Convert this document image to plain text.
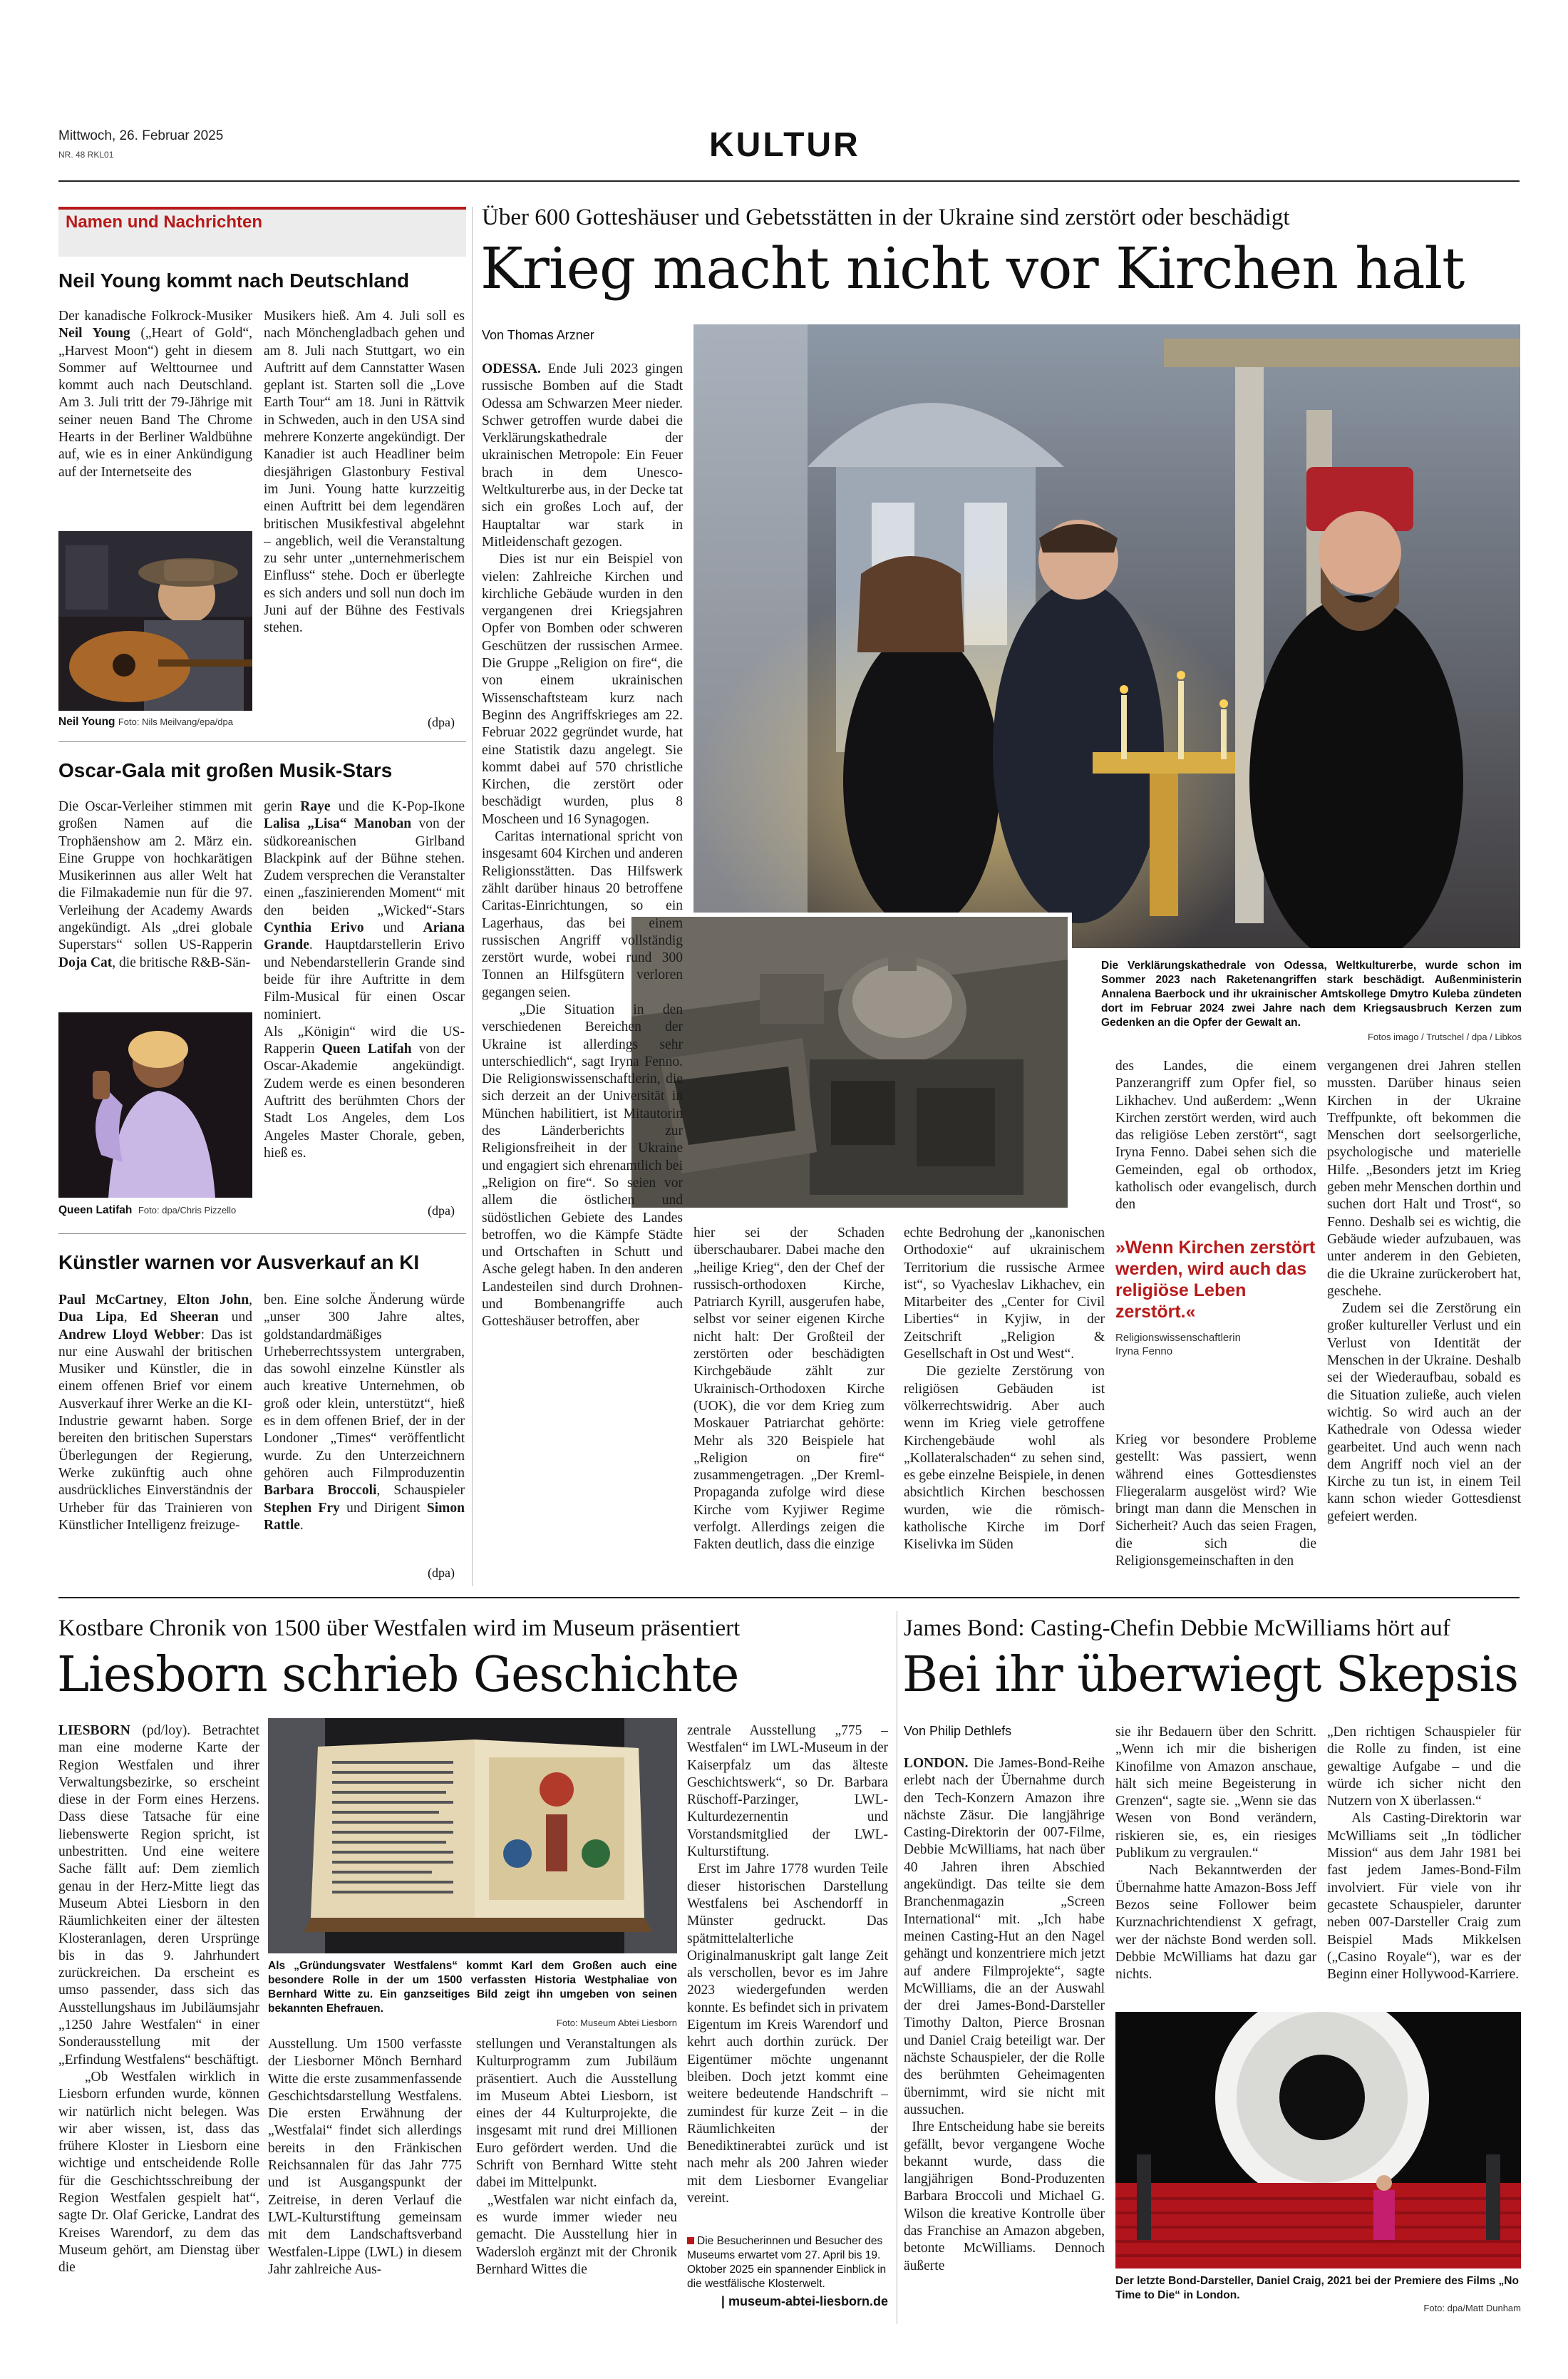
Mittwoch, 26. Februar 2025
NR. 48 RKL01	KULTUR
Namen und Nachrichten
Neil Young kommt nach Deutschland
Der kanadische Folkrock-Musiker Neil Young („Heart of Gold“, „Harvest Moon“) geht in diesem Sommer auf Welttournee und kommt auch nach Deutschland. Am 3. Juli tritt der 79-Jährige mit seiner neuen Band The Chrome Hearts in der Berliner Waldbühne auf, wie es in einer Ankündigung auf der Internetseite des
Musikers hieß. Am 4. Juli soll es nach Mönchengladbach gehen und am 8. Juli nach Stuttgart, wo ein Auftritt auf dem Cannstatter Wasen geplant ist. Starten soll die „Love Earth Tour“ am 18. Juni in Rättvik in Schweden, auch in den USA sind mehrere Konzerte angekündigt. Der Kanadier ist auch Headliner beim diesjährigen Glastonbury Festival im Juni. Young hatte kurzzeitig einen Auftritt bei dem legendären britischen Musikfestival abgelehnt – angeblich, weil die Veranstaltung zu sehr unter „unternehmerischem Einfluss“ stehe. Doch er überlegte es sich anders und soll nun doch im Juni auf der Bühne des Festivals stehen.
Neil Young Foto: Nils Meilvang/epa/dpa	(dpa)
Oscar-Gala mit großen Musik-Stars
Die Oscar-Verleiher stimmen mit großen Namen auf die Trophäenshow am 2. März ein. Eine Gruppe von hochkarätigen Musikerinnen aus aller Welt hat die Filmakademie nun für die 97. Verleihung der Academy Awards angekündigt. Als „drei globale Superstars“ sollen US-Rapperin Doja Cat, die britische R&B-Sän-
Queen Latifah Foto: dpa/Chris Pizzello
gerin Raye und die K-Pop-Ikone Lalisa „Lisa“ Manoban von der südkoreanischen Girlband Blackpink auf der Bühne stehen. Zudem versprechen die Veranstalter einen „faszinierenden Moment“ mit den beiden „Wicked“-Stars Cynthia Erivo und Ariana Grande. Hauptdarstellerin Erivo und Nebendarstellerin Grande sind beide für ihre Auftritte in dem Film-Musical für einen Oscar nominiert.
Als „Königin“ wird die US-Rapperin Queen Latifah von der Oscar-Akademie angekündigt. Zudem werde es einen besonderen Auftritt des berühmten Chors der Stadt Los Angeles, dem Los Angeles Master Chorale, geben, hieß es.
(dpa)
Künstler warnen vor Ausverkauf an KI
Paul McCartney, Elton John, Dua Lipa, Ed Sheeran und Andrew Lloyd Webber: Das ist nur eine Auswahl der britischen Musiker und Künstler, die in einem offenen Brief vor einem Ausverkauf ihrer Werke an die KI-Industrie gewarnt haben. Sorge bereiten den britischen Superstars Überlegungen der Regierung, Werke zukünftig auch ohne ausdrückliches Einverständnis der Urheber für das Trainieren von Künstlicher Intelligenz freizuge-
ben. Eine solche Änderung würde „unser 300 Jahre altes, goldstandardmäßiges Urheberrechtssystem untergraben, das sowohl einzelne Künstler als auch kreative Unternehmen, ob groß oder klein, unterstützt“, hieß es in dem offenen Brief, der in der Londoner „Times“ veröffentlicht wurde. Zu den Unterzeichnern gehören auch Filmproduzentin Barbara Broccoli, Schauspieler Stephen Fry und Dirigent Simon Rattle.
(dpa)
Über 600 Gotteshäuser und Gebetsstätten in der Ukraine sind zerstört oder beschädigt
Krieg macht nicht vor Kirchen halt
Von Thomas Arzner
ODESSA. Ende Juli 2023 gingen russische Bomben auf die Stadt Odessa am Schwarzen Meer nieder. Schwer getroffen wurde dabei die Verklärungskathedrale der ukrainischen Metropole: Ein Feuer brach in dem Unesco-Weltkulturerbe aus, in der Decke tat sich ein großes Loch auf, der Hauptaltar war stark in Mitleidenschaft gezogen.
Dies ist nur ein Beispiel von vielen: Zahlreiche Kirchen und kirchliche Gebäude wurden in den vergangenen drei Kriegsjahren Opfer von Bomben oder schweren Geschützen der russischen Armee. Die Gruppe „Religion on fire“, die von einem ukrainischen Wissenschaftsteam kurz nach Beginn des Angriffskrieges am 22. Februar 2022 gegründet wurde, hat eine Statistik dazu angelegt. Sie kommt dabei auf 570 christliche Kirchen, die zerstört oder beschädigt wurden, plus 8 Moscheen und 16 Synagogen.
Caritas international spricht von insgesamt 604 Kirchen und anderen Religionsstätten. Das Hilfswerk zählt darüber hinaus 20 betroffene Caritas-Einrichtungen, so ein Lagerhaus, das bei einem russischen Angriff vollständig zerstört wurde, wobei rund 300 Tonnen an Hilfsgütern verloren gegangen seien.
„Die Situation in den verschiedenen Bereichen der Ukraine ist allerdings sehr unterschiedlich“, sagt Iryna Fenno. Die Religionswissenschaftlerin, die sich derzeit an der Universität in München habilitiert, ist Mitautorin des Länderberichts zur Religionsfreiheit in der Ukraine und engagiert sich ehrenamtlich bei „Religion on fire“. So seien vor allem die östlichen und südöstlichen Gebiete des Landes betroffen, wo die Kämpfe Städte und Ortschaften in Schutt und Asche gelegt haben. In den anderen Landesteilen sind durch Drohnen- und Bombenangriffe auch Gotteshäuser betroffen, aber
hier sei der Schaden überschaubarer. Dabei mache den „heilige Krieg“, den der Chef der russisch-orthodoxen Kirche, Patriarch Kyrill, ausgerufen habe, selbst vor seiner eigenen Kirche nicht halt: Der Großteil der zerstörten oder beschädigten Kirchgebäude zählt zur Ukrainisch-Orthodoxen Kirche (UOK), die vor dem Krieg zum Moskauer Patriarchat gehörte: Mehr als 320 Beispiele hat „Religion on fire“ zusammengetragen. „Der Kreml-Propaganda zufolge wird diese Kirche vom Kyjiwer Regime verfolgt. Allerdings zeigen die Fakten deutlich, dass die einzige
echte Bedrohung der „kanonischen Orthodoxie“ auf ukrainischem Territorium die russische Armee ist“, so Vyacheslav Likhachev, ein Mitarbeiter des „Center for Civil Liberties“ in Kyjiw, in der Zeitschrift „Religion & Gesellschaft in Ost und West“.
Die gezielte Zerstörung von religiösen Gebäuden ist völkerrechtswidrig. Aber auch wenn im Krieg viele getroffene Kirchengebäude wohl als „Kollateralschaden“ zu sehen sind, es gebe einzelne Beispiele, in denen absichtlich Kirchen beschossen wurden, wie die römisch-katholische Kirche im Dorf Kiselivka im Süden
des Landes, die einem Panzerangriff zum Opfer fiel, so Likhachev. Und außerdem: „Wenn Kirchen zerstört werden, wird auch das religiöse Leben zerstört“, sagt Iryna Fenno. Dabei sehen sich die Gemeinden, egal ob orthodox, katholisch oder evangelisch, durch den
»Wenn Kirchen zerstört werden, wird auch das religiöse Leben zerstört.«
Religionswissenschaftlerin Iryna Fenno
Krieg vor besondere Probleme gestellt: Was passiert, wenn während eines Gottesdienstes Fliegeralarm ausgelöst wird? Wie bringt man dann die Menschen in Sicherheit? Auch das seien Fragen, die sich die Religionsgemeinschaften in den
vergangenen drei Jahren stellen mussten. Darüber hinaus seien Kirchen in der Ukraine Treffpunkte, oft bekommen die Menschen dort seelsorgerliche, psychologische und materielle Hilfe. „Besonders jetzt im Krieg geben mehr Menschen dorthin und suchen dort Halt und Trost“, so Fenno. Deshalb sei es wichtig, die Gebäude wieder aufzubauen, was unter anderem in den Gebieten, die die Ukraine zurückerobert hat, geschehe.
Zudem sei die Zerstörung ein großer kultureller Verlust und ein Verlust von Identität der Menschen in der Ukraine. Deshalb sei der Wiederaufbau, sobald es die Situation zuließe, auch vielen wichtig. So wird auch an der Kathedrale von Odessa wieder gearbeitet. Und auch wenn nach dem Angriff noch viel an der Kirche zu tun ist, in einem Teil kann schon wieder Gottesdienst gefeiert werden.
Die Verklärungskathedrale von Odessa, Weltkulturerbe, wurde schon im Sommer 2023 nach Raketenangriffen stark beschädigt. Außenministerin Annalena Baerbock und ihr ukrainischer Amtskollege Dmytro Kuleba zündeten dort im Februar 2024 zwei Jahre nach dem Kriegsausbruch Kerzen zum Gedenken an die Opfer der Gewalt an.
Fotos imago / Trutschel / dpa / Libkos
Kostbare Chronik von 1500 über Westfalen wird im Museum präsentiert
Liesborn schrieb Geschichte
Als „Gründungsvater Westfalens“ kommt Karl dem Großen auch eine besondere Rolle in der um 1500 verfassten Historia Westphaliae von Bernhard Witte zu. Ein ganzseitiges Bild zeigt ihn umgeben von seinen bekannten Ehefrauen.
Foto: Museum Abtei Liesborn
LIESBORN (pd/loy). Betrachtet man eine moderne Karte der Region Westfalen und ihrer Verwaltungsbezirke, so erscheint diese in der Form eines Herzens. Dass diese Tatsache für eine liebenswerte Region spricht, ist unbestritten. Und eine weitere Sache fällt auf: Dem ziemlich genau in der Herz-Mitte liegt das Museum Abtei Liesborn in den Räumlichkeiten einer der ältesten Klosteranlagen, deren Ursprünge bis in das 9. Jahrhundert zurückreichen. Da erscheint es umso passender, dass sich das Ausstellungshaus im Jubiläumsjahr „1250 Jahre Westfalen“ in einer Sonderausstellung mit der „Erfindung Westfalens“ beschäftigt.
„Ob Westfalen wirklich in Liesborn erfunden wurde, können wir natürlich nicht belegen. Was wir aber wissen, ist, dass das frühere Kloster in Liesborn eine wichtige und entscheidende Rolle für die Geschichtsschreibung der Region Westfalen gespielt hat“, sagte Dr. Olaf Gericke, Landrat des Kreises Warendorf, zu dem das Museum gehört, am Dienstag über die
Ausstellung. Um 1500 verfasste der Liesborner Mönch Bernhard Witte die erste zusammenfassende Geschichtsdarstellung Westfalens. Die ersten Erwähnung der „Westfalai“ findet sich allerdings bereits in den Fränkischen Reichsannalen für das Jahr 775 und ist Ausgangspunkt der Zeitreise, in deren Verlauf die LWL-Kulturstiftung gemeinsam mit dem Landschaftsverband Westfalen-Lippe (LWL) in diesem Jahr zahlreiche Aus-
stellungen und Veranstaltungen als Kulturprogramm zum Jubiläum präsentiert. Auch die Ausstellung im Museum Abtei Liesborn, ist eines der 44 Kulturprojekte, die insgesamt mit rund drei Millionen Euro gefördert werden. Und die Schrift von Bernhard Witte steht dabei im Mittelpunkt.
„Westfalen war nicht einfach da, es wurde immer wieder neu gemacht. Die Ausstellung hier in Wadersloh ergänzt mit der Chronik Bernhard Wittes die
zentrale Ausstellung „775 – Westfalen“ im LWL-Museum in der Kaiserpfalz um das älteste Geschichtswerk“, so Dr. Barbara Rüschoff-Parzinger, LWL-Kulturdezernentin und Vorstandsmitglied der LWL-Kulturstiftung.
Erst im Jahre 1778 wurden Teile dieser historischen Darstellung Westfalens bei Aschendorff in Münster gedruckt. Das spätmittelalterliche Originalmanuskript galt lange Zeit als verschollen, bevor es im Jahre 2023 wiedergefunden werden konnte. Es befindet sich in privatem Eigentum im Kreis Warendorf und kehrt auch dorthin zurück. Der Eigentümer möchte ungenannt bleiben. Doch jetzt kommt eine weitere bedeutende Handschrift – zumindest für kurze Zeit – in die Räumlichkeiten der Benediktinerabtei zurück und ist nach mehr als 200 Jahren wieder mit dem Liesborner Evangeliar vereint.
Die Besucherinnen und Besucher des Museums erwartet vom 27. April bis 19. Oktober 2025 ein spannender Einblick in die westfälische Klosterwelt.
| museum-abtei-liesborn.de
James Bond: Casting-Chefin Debbie McWilliams hört auf
Bei ihr überwiegt Skepsis
Von Philip Dethlefs
LONDON. Die James-Bond-Reihe erlebt nach der Übernahme durch den Tech-Konzern Amazon ihre nächste Zäsur. Die langjährige Casting-Direktorin der 007-Filme, Debbie McWilliams, hat nach über 40 Jahren ihren Abschied angekündigt. Das teilte sie dem Branchenmagazin „Screen International“ mit. „Ich habe meinen Casting-Hut an den Nagel gehängt und konzentriere mich jetzt auf andere Filmprojekte“, sagte McWilliams, die an der Auswahl der drei James-Bond-Darsteller Timothy Dalton, Pierce Brosnan und Daniel Craig beteiligt war. Der nächste Schauspieler, der die Rolle des berühmten Geheimagenten übernimmt, wird sie nicht mit aussuchen.
Ihre Entscheidung habe sie bereits gefällt, bevor vergangene Woche bekannt wurde, dass die langjährigen Bond-Produzenten Barbara Broccoli und Michael G. Wilson die kreative Kontrolle über das Franchise an Amazon abgeben, betonte McWilliams. Dennoch äußerte
sie ihr Bedauern über den Schritt. „Wenn ich mir die bisherigen Kinofilme von Amazon anschaue, hält sich meine Begeisterung in Grenzen“, sagte sie. „Wenn sie das Wesen von Bond verändern, riskieren sie, es, ein riesiges Publikum zu vergraulen.“
Nach Bekanntwerden der Übernahme hatte Amazon-Boss Jeff Bezos seine Follower beim Kurznachrichtendienst X gefragt, wer der nächste Bond werden soll. Debbie McWilliams hat dazu gar nichts.
„Den richtigen Schauspieler für die Rolle zu finden, ist eine gewaltige Aufgabe – und die würde ich sicher nicht den Nutzern von X überlassen.“
Als Casting-Direktorin war McWilliams seit „In tödlicher Mission“ aus dem Jahr 1981 bei fast jedem James-Bond-Film involviert. Für viele von ihr gecastete Schauspieler, darunter neben 007-Darsteller Craig zum Beispiel Mads Mikkelsen („Casino Royale“), war es der Beginn einer Hollywood-Karriere.
Der letzte Bond-Darsteller, Daniel Craig, 2021 bei der Premiere des Films „No Time to Die“ in London.
Foto: dpa/Matt Dunham
